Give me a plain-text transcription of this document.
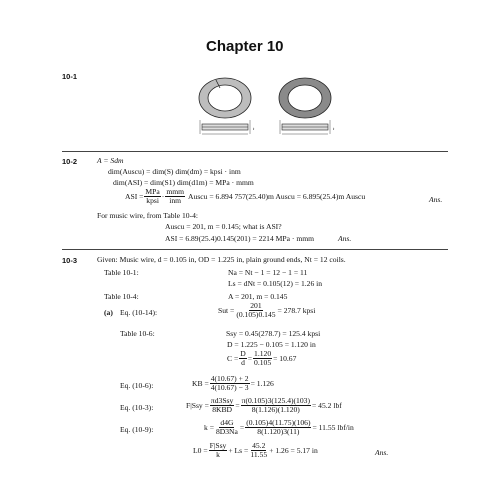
Chapter 10
10-1
t	t
10-2	A = Sdm
dim(Auscu) = dim(S) dim(dm) = kpsi · inm
dim(ASI) = dim(S1) dim(d1m) = MPa · mmm
ASI = $\frac{\text{MPa}}{\text{kpsi}} \cdot \frac{\text{mmm}}{\text{inm}}$ Auscu = 6.894 757(25.40)m Auscu = 6.895(25.4)m Auscu	Ans.
For music wire, from Table 10-4:
Auscu = 201, m = 0.145; what is ASI?
ASI = 6.89(25.4)0.145(201) = 2214 MPa · mmm	Ans.
10-3	Given: Music wire, d = 0.105 in, OD = 1.225 in, plain ground ends, Nt = 12 coils.
Table 10-1:	Na = Nt − 1 = 12 − 1 = 11
Ls = dNt = 0.105(12) = 1.26 in
Table 10-4:	A = 201, m = 0.145
(a) Eq. (10-14):	Sut = $\frac{201}{(0.105)0.145} = 278.7$ kpsi
Table 10-6:	Ssy = 0.45(278.7) = 125.4 kpsi
D = 1.225 − 0.105 = 1.120 in
$C = \frac{D}{d} = \frac{1.120}{0.105} = 10.67$
Eq. (10-6):	KB = $\frac{4(10.67) + 2}{4(10.67) - 3} = 1.126$
Eq. (10-3):	$F|Ssy = \frac{\text{πd3Ssy}}{\text{8KBD}} = \frac{\pi(0.105)3(125.4)(103)}{8(1.126)(1.120)} = 45.2$ lbf
Eq. (10-9):	$k = \frac{d4G}{8D3Na} = \frac{(0.105)4(11.75)(106)}{8(1.120)3(11)} = 11.55$ lbf/in
$L0 = \frac{\text{F|Ssy}}{k} + Ls = \frac{45.2}{11.55} + 1.26 = 5.17$ in	Ans.
